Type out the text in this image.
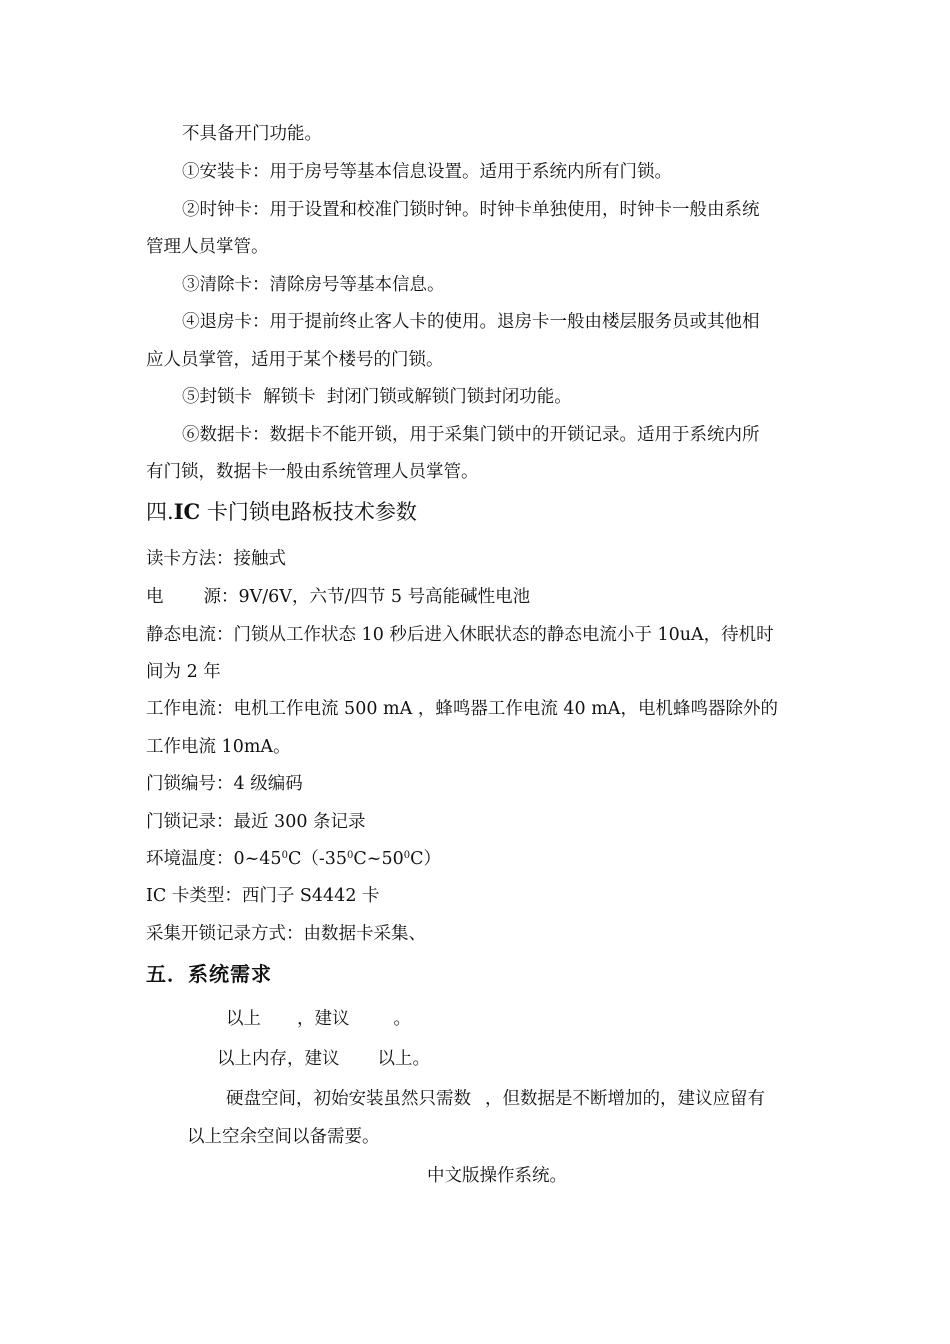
不具备开门功能。
①安装卡：用于房号等基本信息设置。适用于系统内所有门锁。
②时钟卡：用于设置和校准门锁时钟。时钟卡单独使用，时钟卡一般由系统
管理人员掌管。
③清除卡：清除房号等基本信息。
④退房卡：用于提前终止客人卡的使用。退房卡一般由楼层服务员或其他相
应人员掌管，适用于某个楼号的门锁。
⑤封锁卡  解锁卡  封闭门锁或解锁门锁封闭功能。
⑥数据卡：数据卡不能开锁，用于采集门锁中的开锁记录。适用于系统内所
有门锁，数据卡一般由系统管理人员掌管。
四.IC 卡门锁电路板技术参数
读卡方法：接触式
电 源：9V/6V，六节/四节 5 号高能碱性电池
静态电流：门锁从工作状态 10 秒后进入休眠状态的静态电流小于 10uA，待机时
间为 2 年
工作电流：电机工作电流 500 mA ，蜂鸣器工作电流 40 mA，电机蜂鸣器除外的
工作电流 10mA。
门锁编号：4 级编码
门锁记录：最近 300 条记录
环境温度：$0\sim 45^0C(-35^0C\sim 50^0C)$
IC 卡类型：西门子 S4442 卡
采集开锁记录方式：由数据卡采集、
五．系统需求
以上 ，建议	。
以上内存，建议 以上。
硬盘空间，初始安装虽然只需数 ，但数据是不断增加的，建议应留有
以上空余空间以备需要。
中文版操作系统。
